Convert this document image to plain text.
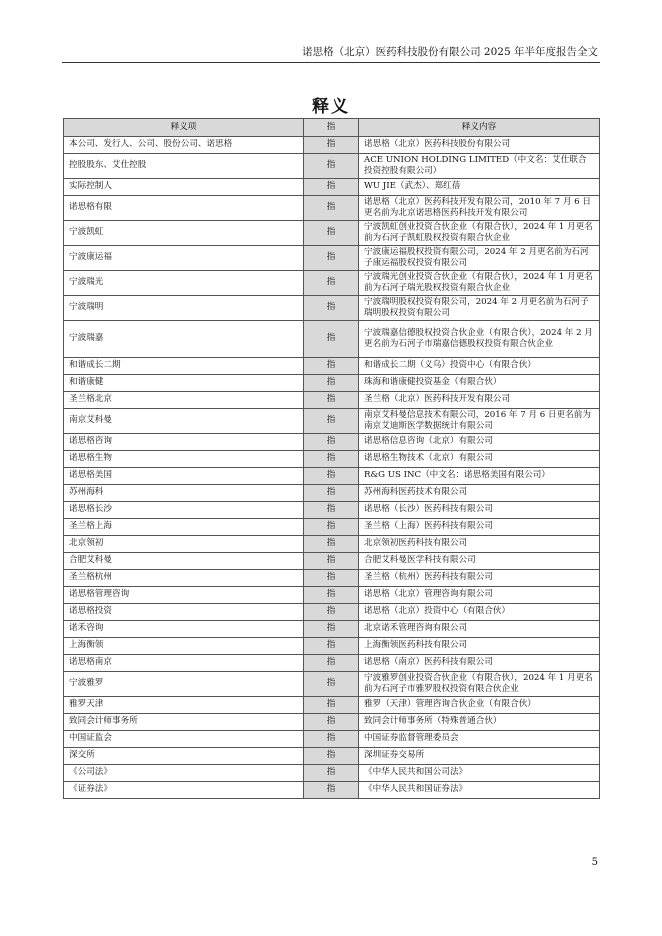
诺思格（北京）医药科技股份有限公司 2025 年半年度报告全文
释义
释义项	指	释义内容
本公司、发行人、公司、股份公司、诺思格	指	诺思格（北京）医药科技股份有限公司
控股股东、艾仕控股	指	ACE UNION HOLDING LIMITED（中文名：艾仕联合投资控股有限公司）
实际控制人	指	WU JIE（武杰）、郑红蓓
诺思格有限	指	诺思格（北京）医药科技开发有限公司，2010 年 7 月 6 日更名前为北京诺思格医药科技开发有限公司
宁波凯虹	指	宁波凯虹创业投资合伙企业（有限合伙），2024 年 1 月更名前为石河子凯虹股权投资有限合伙企业
宁波康运福	指	宁波康运福股权投资有限公司，2024 年 2 月更名前为石河子康运福股权投资有限公司
宁波瑞光	指	宁波瑞光创业投资合伙企业（有限合伙），2024 年 1 月更名前为石河子瑞光股权投资有限合伙企业
宁波瑞明	指	宁波瑞明股权投资有限公司，2024 年 2 月更名前为石河子瑞明股权投资有限公司
宁波瑞嘉	指	宁波瑞嘉信德股权投资合伙企业（有限合伙），2024 年 2 月更名前为石河子市瑞嘉信德股权投资有限合伙企业
和谐成长二期	指	和谐成长二期（义乌）投资中心（有限合伙）
和谐康健	指	珠海和谐康健投资基金（有限合伙）
圣兰格北京	指	圣兰格（北京）医药科技开发有限公司
南京艾科曼	指	南京艾科曼信息技术有限公司，2016 年 7 月 6 日更名前为南京艾迪斯医学数据统计有限公司
诺思格咨询	指	诺思格信息咨询（北京）有限公司
诺思格生物	指	诺思格生物技术（北京）有限公司
诺思格美国	指	R&G US INC（中文名：诺思格美国有限公司）
苏州海科	指	苏州海科医药技术有限公司
诺思格长沙	指	诺思格（长沙）医药科技有限公司
圣兰格上海	指	圣兰格（上海）医药科技有限公司
北京领初	指	北京领初医药科技有限公司
合肥艾科曼	指	合肥艾科曼医学科技有限公司
圣兰格杭州	指	圣兰格（杭州）医药科技有限公司
诺思格管理咨询	指	诺思格（北京）管理咨询有限公司
诺思格投资	指	诺思格（北京）投资中心（有限合伙）
诺禾咨询	指	北京诺禾管理咨询有限公司
上海衡领	指	上海衡领医药科技有限公司
诺思格南京	指	诺思格（南京）医药科技有限公司
宁波雅罗	指	宁波雅罗创业投资合伙企业（有限合伙），2024 年 1 月更名前为石河子市雅罗股权投资有限合伙企业
雅罗天津	指	雅罗（天津）管理咨询合伙企业（有限合伙）
致同会计师事务所	指	致同会计师事务所（特殊普通合伙）
中国证监会	指	中国证券监督管理委员会
深交所	指	深圳证券交易所
《公司法》	指	《中华人民共和国公司法》
《证券法》	指	《中华人民共和国证券法》
5
